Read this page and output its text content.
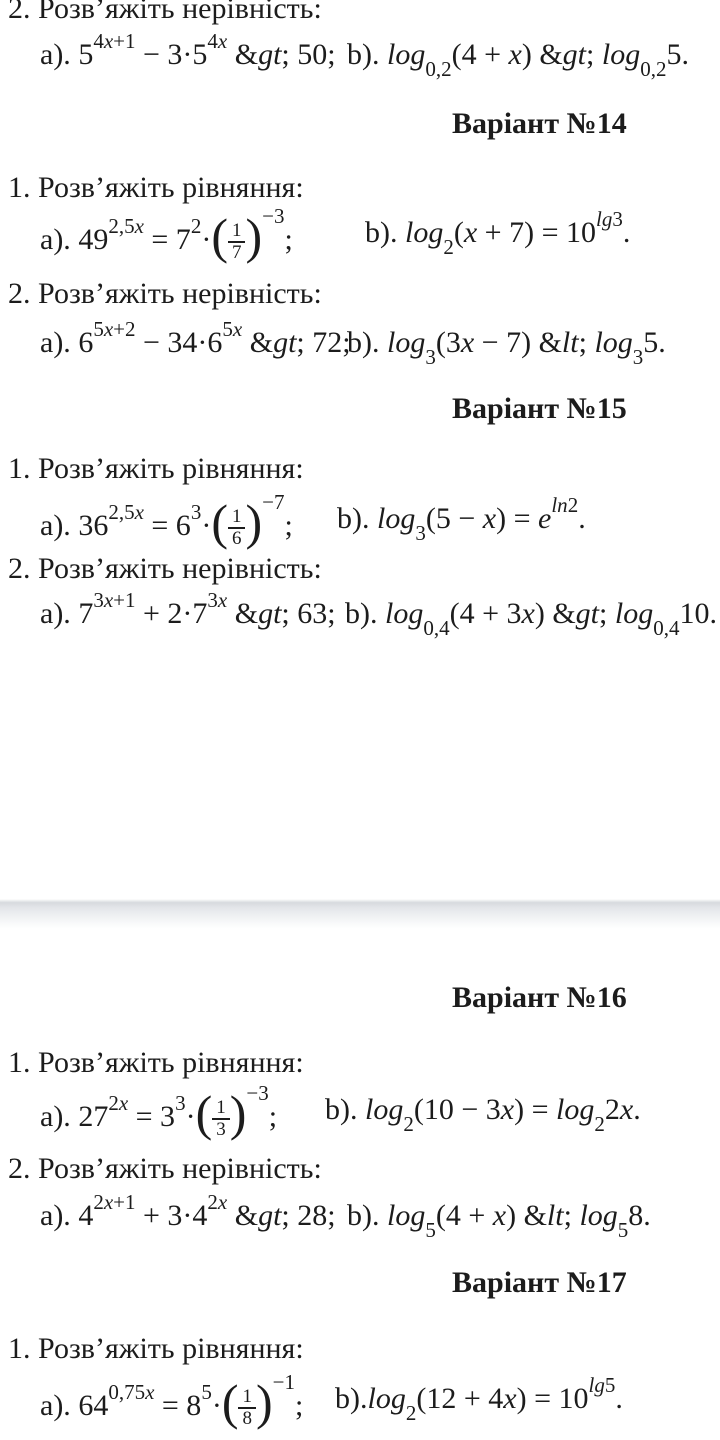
2. Розв’яжіть нерівність:
a). $5^{4x+1} - 3\cdot 5^{4x}$ &gt; 50; b). $\log_{0,2}(4 + x)$ &gt; $\log_{0,2}5$.
Варіант №14
1. Розв’яжіть рівняння:
a). $49^{2,5x} = 7^2\cdot( \frac{1}{7} )^{-3}$; b). $\log_2(x + 7) = 10^{lg3}$.
2. Розв’яжіть нерівність:
a). $6^{5x+2} - 34\cdot 6^{5x}$ &gt; 72;
b). $\log_3(3x - 7)$ &lt; $\log_35$.
Варіант №15
1. Розв’яжіть рівняння:
a). $36^{2,5x} = 6^3\cdot( \frac{1}{6} )^{-7}$; b). $\log_3(5 - x) = e^{ln2}$.
2. Розв’яжіть нерівність:
a). $7^{3x+1} + 2\cdot 7^{3x}$ &gt; 63; b). $\log_{0,4}(4 + 3x)$ &gt; $\log_{0,4}10$.
Варіант №16
1. Розв’яжіть рівняння:
a). $27^{2x} = 3^3\cdot( \frac{1}{3} )^{-3}$; b). $\log_2(10 - 3x) = \log_22x$.
2. Розв’яжіть нерівність:
a). $4^{2x+1} + 3\cdot 4^{2x}$ &gt; 28; b). $\log_5(4 + x)$ &lt; $\log_58$.
Варіант №17
1. Розв’яжіть рівняння:
a). $64^{0,75x} = 8^5\cdot( \frac{1}{8} )^{-1}$; $b).\log_2(12 + 4x) = 10^{lg5}$.
